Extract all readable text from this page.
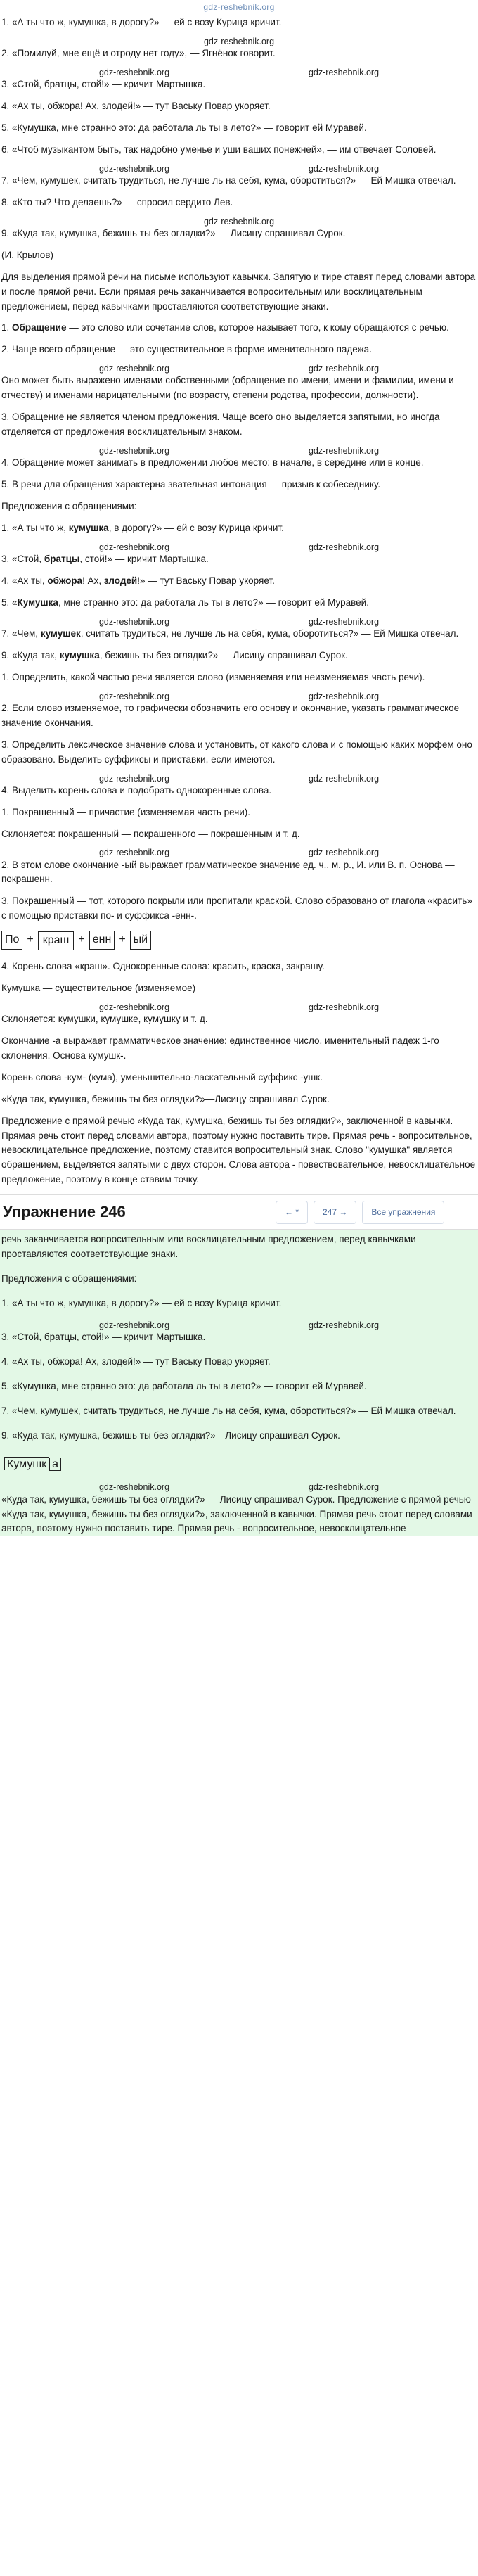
gdz-reshebnik.org

1. «А ты что ж, кумушка, в дорогу?» — ей с возу Курица кричит.

gdz-reshebnik.org

2. «Помилуй, мне ещё и отроду нет году», — Ягнёнок говорит.

gdz-reshebnik.org	gdz-reshebnik.org

3. «Стой, братцы, стой!» — кричит Мартышка.

4. «Ах ты, обжора! Ах, злодей!» — тут Ваську Повар укоряет.

5. «Кумушка, мне странно это: да работала ль ты в лето?» — говорит ей Муравей.

6. «Чтоб музыкантом быть, так надобно уменье и уши ваших понежней», — им отвечает Соловей.

gdz-reshebnik.org	gdz-reshebnik.org

7. «Чем, кумушек, считать трудиться, не лучше ль на себя, кума, оборотиться?» — Ей Мишка отвечал.

8. «Кто ты? Что делаешь?» — спросил сердито Лев.

gdz-reshebnik.org

9. «Куда так, кумушка, бежишь ты без оглядки?» — Лисицу спрашивал Сурок.

(И. Крылов)

Для выделения прямой речи на письме используют кавычки. Запятую и тире ставят перед словами автора и после прямой речи. Если прямая речь заканчивается вопросительным или восклицательным предложением, перед кавычками проставляются соответствующие знаки.

1. Обращение — это слово или сочетание слов, которое называет того, к кому обращаются с речью.

2. Чаще всего обращение — это существительное в форме именительного падежа.

gdz-reshebnik.org	gdz-reshebnik.org

Оно может быть выражено именами собственными (обращение по имени, имени и фамилии, имени и отчеству) и именами нарицательными (по возрасту, степени родства, профессии, должности).

3. Обращение не является членом предложения. Чаще всего оно выделяется запятыми, но иногда отделяется от предложения восклицательным знаком.

gdz-reshebnik.org	gdz-reshebnik.org

4. Обращение может занимать в предложении любое место: в начале, в середине или в конце.

5. В речи для обращения характерна звательная интонация — призыв к собеседнику.

Предложения с обращениями:

1. «А ты что ж, кумушка, в дорогу?» — ей с возу Курица кричит.

gdz-reshebnik.org	gdz-reshebnik.org

3. «Стой, братцы, стой!» — кричит Мартышка.

4. «Ах ты, обжора! Ах, злодей!» — тут Ваську Повар укоряет.

5. «Кумушка, мне странно это: да работала ль ты в лето?» — говорит ей Муравей.

gdz-reshebnik.org	gdz-reshebnik.org

7. «Чем, кумушек, считать трудиться, не лучше ль на себя, кума, оборотиться?» — Ей Мишка отвечал.

9. «Куда так, кумушка, бежишь ты без оглядки?» — Лисицу спрашивал Сурок.

1. Определить, какой частью речи является слово (изменяемая или неизменяемая часть речи).

gdz-reshebnik.org	gdz-reshebnik.org

2. Если слово изменяемое, то графически обозначить его основу и окончание, указать грамматическое значение окончания.

3. Определить лексическое значение слова и установить, от какого слова и с помощью каких морфем оно образовано. Выделить суффиксы и приставки, если имеются.

gdz-reshebnik.org	gdz-reshebnik.org

4. Выделить корень слова и подобрать однокоренные слова.

1. Покрашенный — причастие (изменяемая часть речи).

Склоняется: покрашенный — покрашенного — покрашенным и т. д.

gdz-reshebnik.org	gdz-reshebnik.org

2. В этом слове окончание -ый выражает грамматическое значение ед. ч., м. р., И. или В. п. Основа — покрашенн.

3. Покрашенный — тот, которого покрыли или пропитали краской. Слово образовано от глагола «красить» с помощью приставки по- и суффикса -енн-.

По + краш + енн + ый

4. Корень слова «краш». Однокоренные слова: красить, краска, закрашу.

Кумушка — существительное (изменяемое)

gdz-reshebnik.org	gdz-reshebnik.org

Склоняется: кумушки, кумушке, кумушку и т. д.

Окончание -а выражает грамматическое значение: единственное число, именительный падеж 1-го склонения. Основа кумушк-.

Корень слова -кум- (кума), уменьшительно-ласкательный суффикс -ушк.

«Куда так, кумушка, бежишь ты без оглядки?»—Лисицу спрашивал Сурок.

Предложение с прямой речью «Куда так, кумушка, бежишь ты без оглядки?», заключенной в кавычки. Прямая речь стоит перед словами автора, поэтому нужно поставить тире. Прямая речь - вопросительное, невосклицательное предложение, поэтому ставится вопросительный знак. Слово "кумушка" является обращением, выделяется запятыми с двух сторон. Слова автора - повествовательное, невосклицательное предложение, поэтому в конце ставим точку.

Упражнение 246	← *	247 →	Все упражнения

речь заканчивается вопросительным или восклицательным предложением, перед кавычками проставляются соответствующие знаки.

Предложения с обращениями:

1. «А ты что ж, кумушка, в дорогу?» — ей с возу Курица кричит.

gdz-reshebnik.org	gdz-reshebnik.org

3. «Стой, братцы, стой!» — кричит Мартышка.

4. «Ах ты, обжора! Ах, злодей!» — тут Ваську Повар укоряет.

5. «Кумушка, мне странно это: да работала ль ты в лето?» — говорит ей Муравей.

7. «Чем, кумушек, считать трудиться, не лучше ль на себя, кума, оборотиться?» — Ей Мишка отвечал.

9. «Куда так, кумушка, бежишь ты без оглядки?»—Лисицу спрашивал Сурок.

Кумушк а
gdz-reshebnik.org	gdz-reshebnik.org

«Куда так, кумушка, бежишь ты без оглядки?» — Лисицу спрашивал Сурок. Предложение с прямой речью «Куда так, кумушка, бежишь ты без оглядки?», заключенной в кавычки. Прямая речь стоит перед словами автора, поэтому нужно поставить тире. Прямая речь - вопросительное, невосклицательное
